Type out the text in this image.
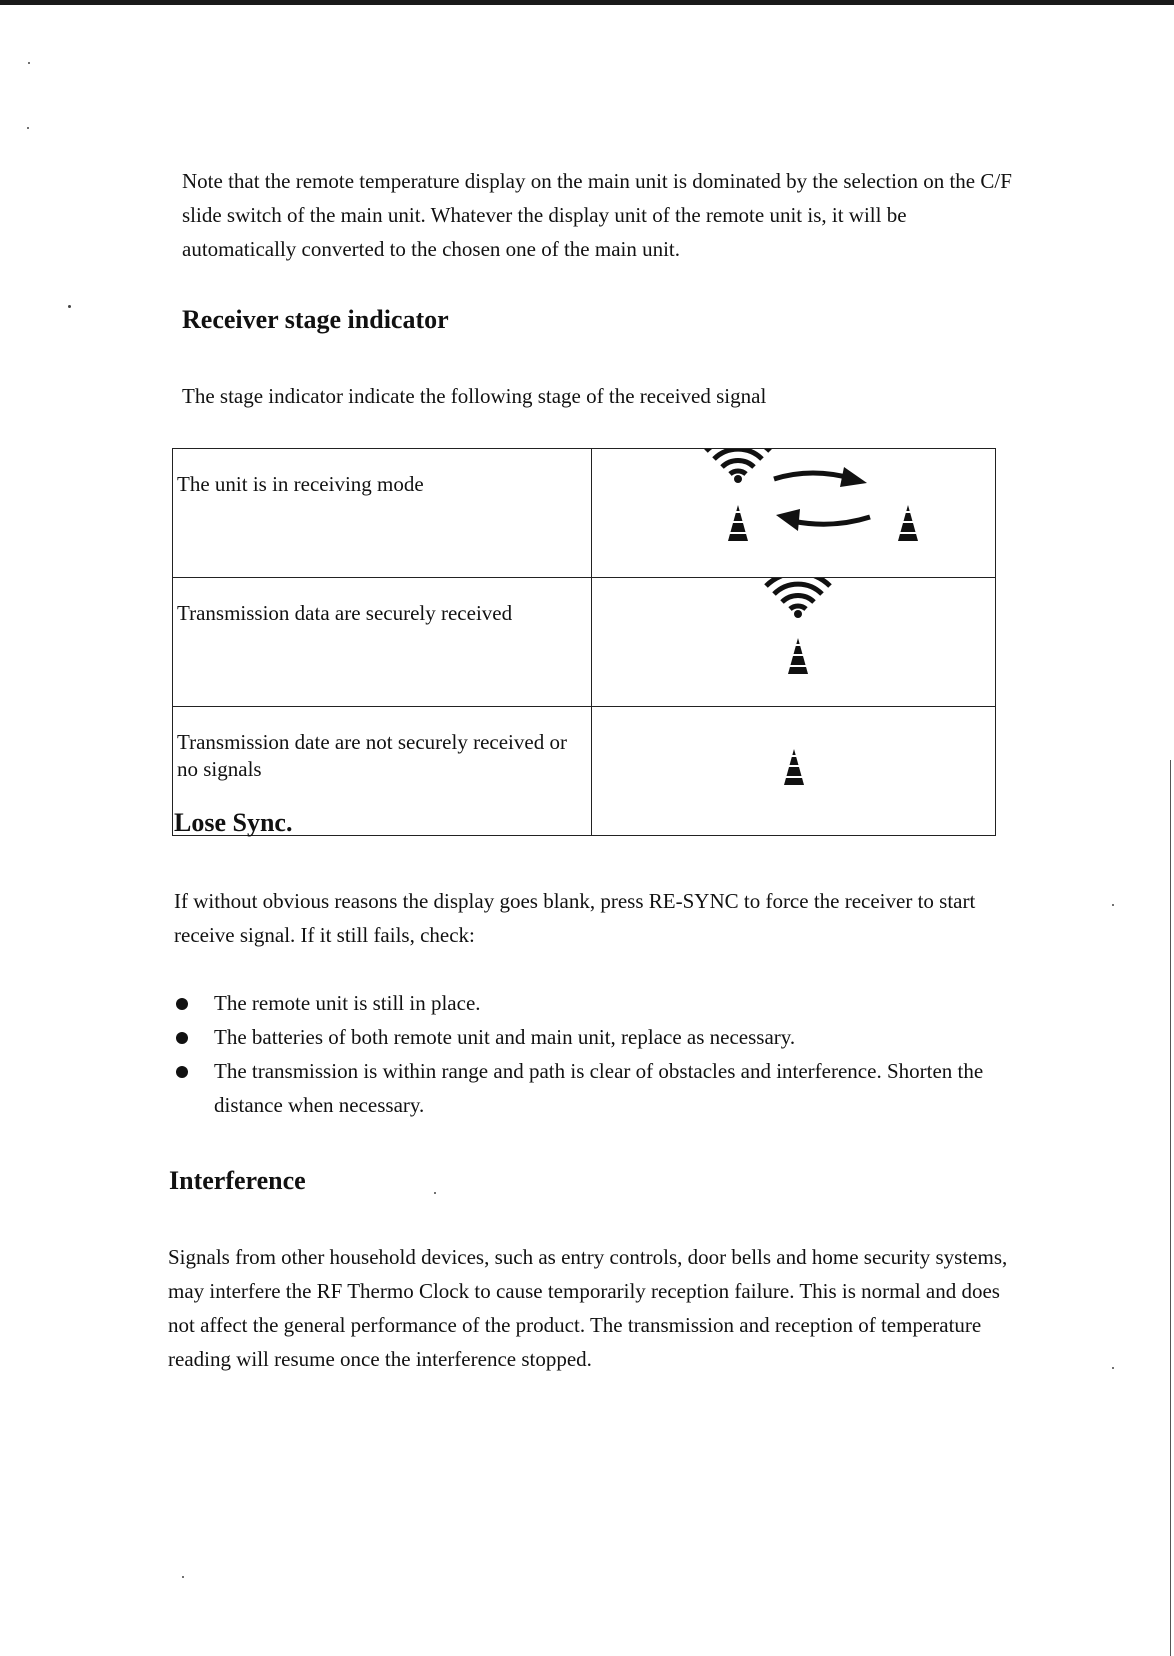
Note that the remote temperature display on the main unit is dominated by the selection on the C/F slide switch of the main unit. Whatever the display unit of the remote unit is, it will be automatically converted to the chosen one of the main unit.

Receiver stage indicator

The stage indicator indicate the following stage of the received signal

The unit is in receiving mode	
Transmission data are securely received	
Transmission date are not securely received or no signals	
Lose Sync.

If without obvious reasons the display goes blank, press RE-SYNC to force the receiver to start receive signal. If it still fails, check:

The remote unit is still in place.
The batteries of both remote unit and main unit, replace as necessary.
The transmission is within range and path is clear of obstacles and interference. Shorten the distance when necessary.
Interference

Signals from other household devices, such as entry controls, door bells and home security systems, may interfere the RF Thermo Clock to cause temporarily reception failure. This is normal and does not affect the general performance of the product. The transmission and reception of temperature reading will resume once the interference stopped.
